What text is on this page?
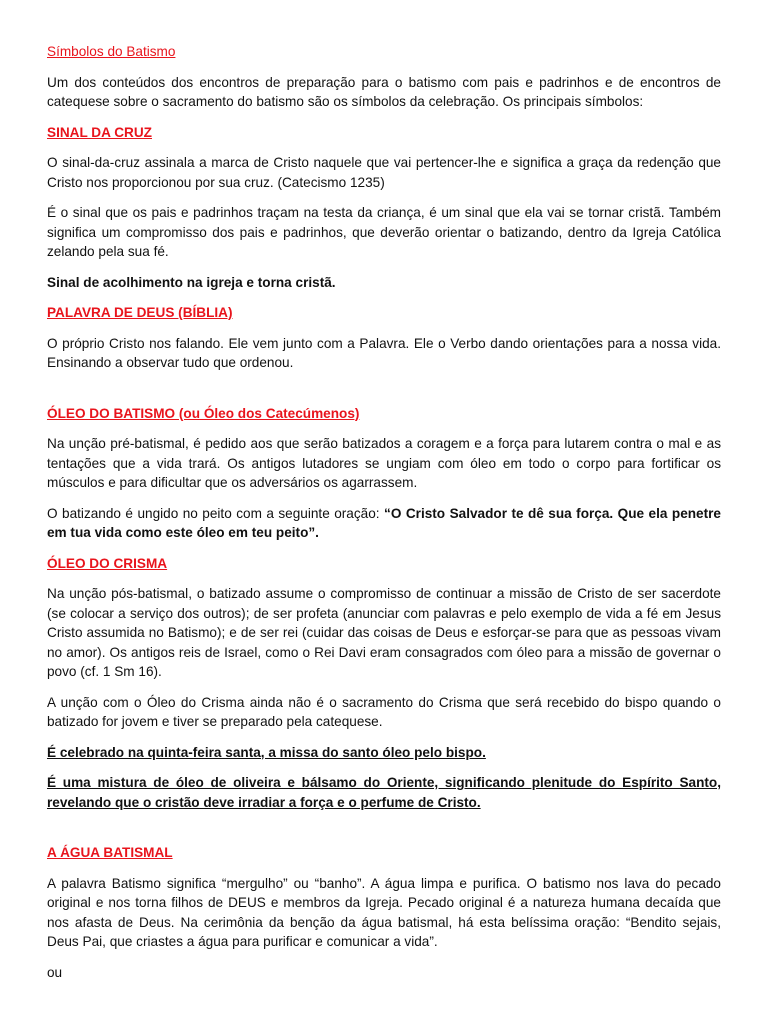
Símbolos do Batismo

Um dos conteúdos dos encontros de preparação para o batismo com pais e padrinhos e de encontros de catequese sobre o sacramento do batismo são os símbolos da celebração. Os principais símbolos:

SINAL DA CRUZ

O sinal-da-cruz assinala a marca de Cristo naquele que vai pertencer-lhe e significa a graça da redenção que Cristo nos proporcionou por sua cruz. (Catecismo 1235)

É o sinal que os pais e padrinhos traçam na testa da criança, é um sinal que ela vai se tornar cristã. Também significa um compromisso dos pais e padrinhos, que deverão orientar o batizando, dentro da Igreja Católica zelando pela sua fé.

Sinal de acolhimento na igreja e torna cristã.

PALAVRA DE DEUS (BÍBLIA)

O próprio Cristo nos falando. Ele vem junto com a Palavra. Ele o Verbo dando orientações para a nossa vida. Ensinando a observar tudo que ordenou.

ÓLEO DO BATISMO (ou Óleo dos Catecúmenos)

Na unção pré-batismal, é pedido aos que serão batizados a coragem e a força para lutarem contra o mal e as tentações que a vida trará. Os antigos lutadores se ungiam com óleo em todo o corpo para fortificar os músculos e para dificultar que os adversários os agarrassem.

O batizando é ungido no peito com a seguinte oração: “O Cristo Salvador te dê sua força. Que ela penetre em tua vida como este óleo em teu peito”.

ÓLEO DO CRISMA

Na unção pós-batismal, o batizado assume o compromisso de continuar a missão de Cristo de ser sacerdote (se colocar a serviço dos outros); de ser profeta (anunciar com palavras e pelo exemplo de vida a fé em Jesus Cristo assumida no Batismo); e de ser rei (cuidar das coisas de Deus e esforçar-se para que as pessoas vivam no amor). Os antigos reis de Israel, como o Rei Davi eram consagrados com óleo para a missão de governar o povo (cf. 1 Sm 16).

A unção com o Óleo do Crisma ainda não é o sacramento do Crisma que será recebido do bispo quando o batizado for jovem e tiver se preparado pela catequese.

É celebrado na quinta-feira santa, a missa do santo óleo pelo bispo.

É uma mistura de óleo de oliveira e bálsamo do Oriente, significando plenitude do Espírito Santo, revelando que o cristão deve irradiar a força e o perfume de Cristo.

A ÁGUA BATISMAL

A palavra Batismo significa “mergulho” ou “banho”. A água limpa e purifica. O batismo nos lava do pecado original e nos torna filhos de DEUS e membros da Igreja. Pecado original é a natureza humana decaída que nos afasta de Deus. Na cerimônia da benção da água batismal, há esta belíssima oração: “Bendito sejais, Deus Pai, que criastes a água para purificar e comunicar a vida”.

ou
